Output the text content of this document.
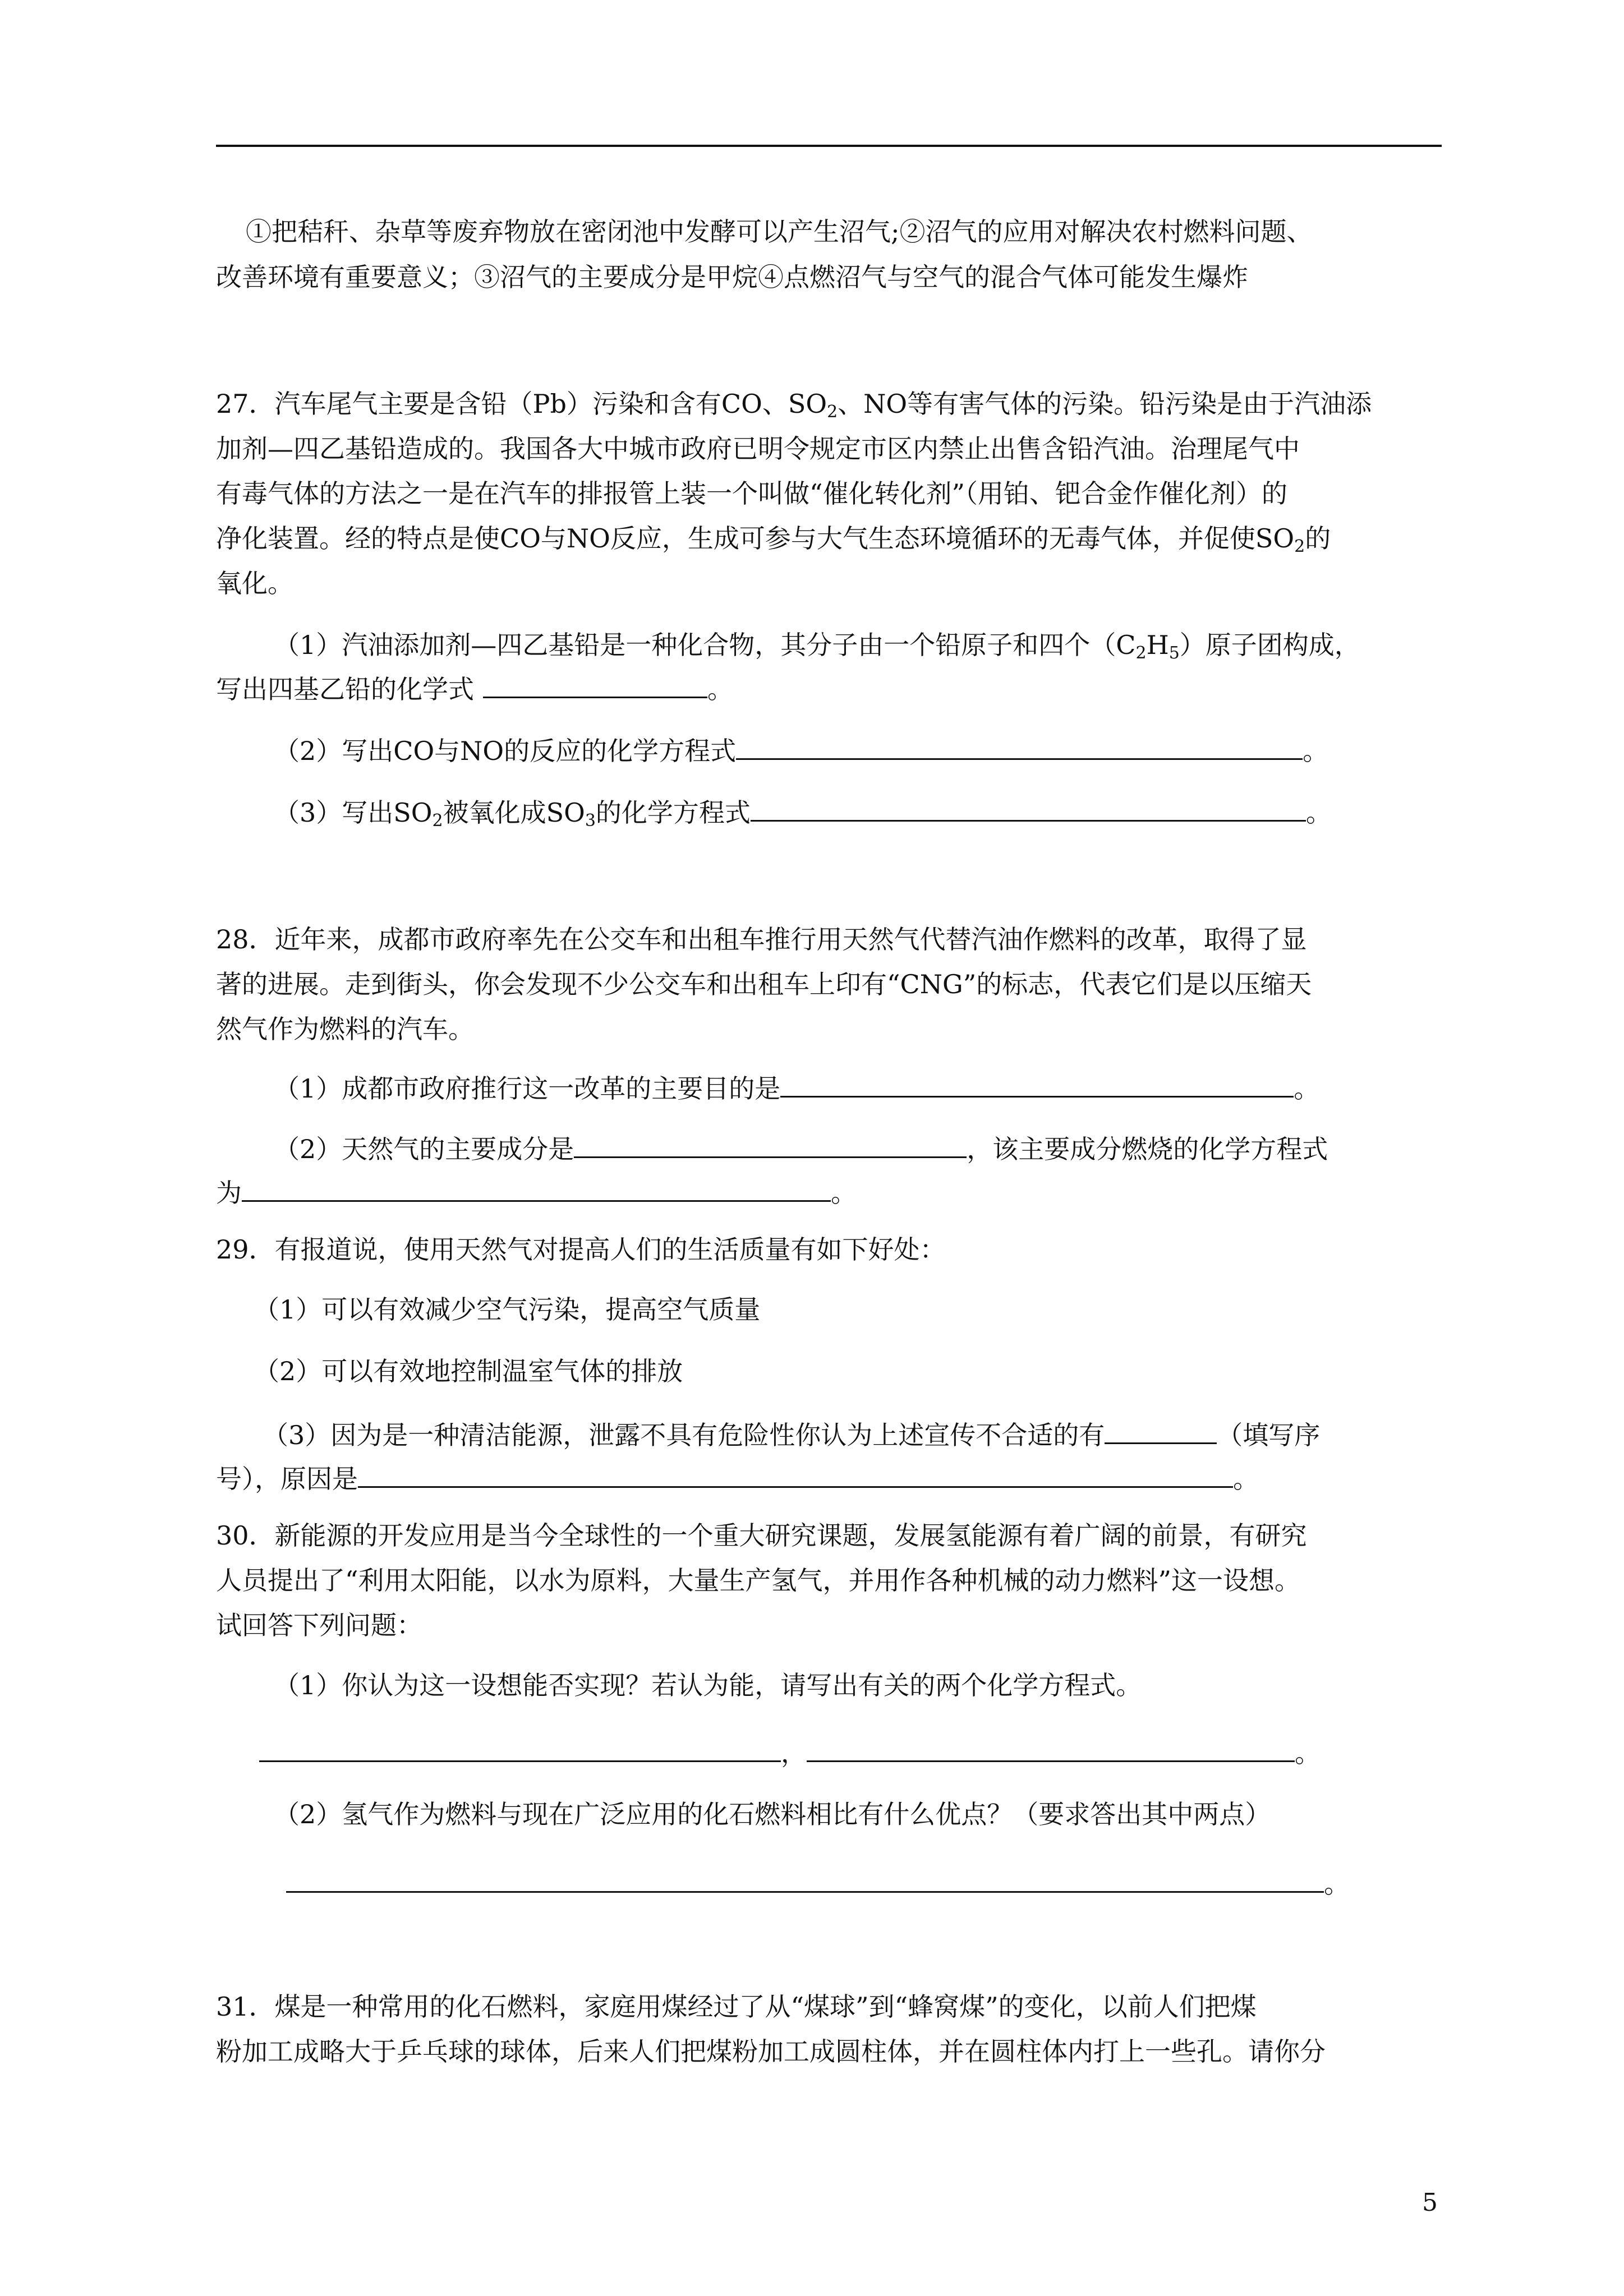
①把秸秆、杂草等废弃物放在密闭池中发酵可以产生沼气;②沼气的应用对解决农村燃料问题、
改善环境有重要意义；③沼气的主要成分是甲烷④点燃沼气与空气的混合气体可能发生爆炸
27．汽车尾气主要是含铅（Pb）污染和含有CO、$SO_2$、NO等有害气体的污染。铅污染是由于汽油添
加剂—四乙基铅造成的。我国各大中城市政府已明令规定市区内禁止出售含铅汽油。治理尾气中
有毒气体的方法之一是在汽车的排报管上装一个叫做“催化转化剂”（用铂、钯合金作催化剂）的
净化装置。经的特点是使CO与NO反应，生成可参与大气生态环境循环的无毒气体，并促使$SO_2$的
氧化。
（1）汽油添加剂—四乙基铅是一种化合物，其分子由一个铅原子和四个$(C_2H_5)$原子团构成，
写出四基乙铅的化学式	。
（2）写出CO与NO的反应的化学方程式	。
（3）写出$SO_2$被氧化成$SO_3$的化学方程式	。
28．近年来，成都市政府率先在公交车和出租车推行用天然气代替汽油作燃料的改革，取得了显
著的进展。走到街头，你会发现不少公交车和出租车上印有“CNG”的标志，代表它们是以压缩天
然气作为燃料的汽车。
（1）成都市政府推行这一改革的主要目的是	。
（2）天然气的主要成分是	，该主要成分燃烧的化学方程式
为	。
29．有报道说，使用天然气对提高人们的生活质量有如下好处：
（1）可以有效减少空气污染，提高空气质量
（2）可以有效地控制温室气体的排放
（3）因为是一种清洁能源，泄露不具有危险性你认为上述宣传不合适的有	（填写序
号），原因是	。
30．新能源的开发应用是当今全球性的一个重大研究课题，发展氢能源有着广阔的前景，有研究
人员提出了“利用太阳能，以水为原料，大量生产氢气，并用作各种机械的动力燃料”这一设想。
试回答下列问题：
（1）你认为这一设想能否实现？若认为能，请写出有关的两个化学方程式。
，	。
（2）氢气作为燃料与现在广泛应用的化石燃料相比有什么优点？（要求答出其中两点）
。
31．煤是一种常用的化石燃料，家庭用煤经过了从“煤球”到“蜂窝煤”的变化，以前人们把煤
粉加工成略大于乒乓球的球体，后来人们把煤粉加工成圆柱体，并在圆柱体内打上一些孔。请你分
5
